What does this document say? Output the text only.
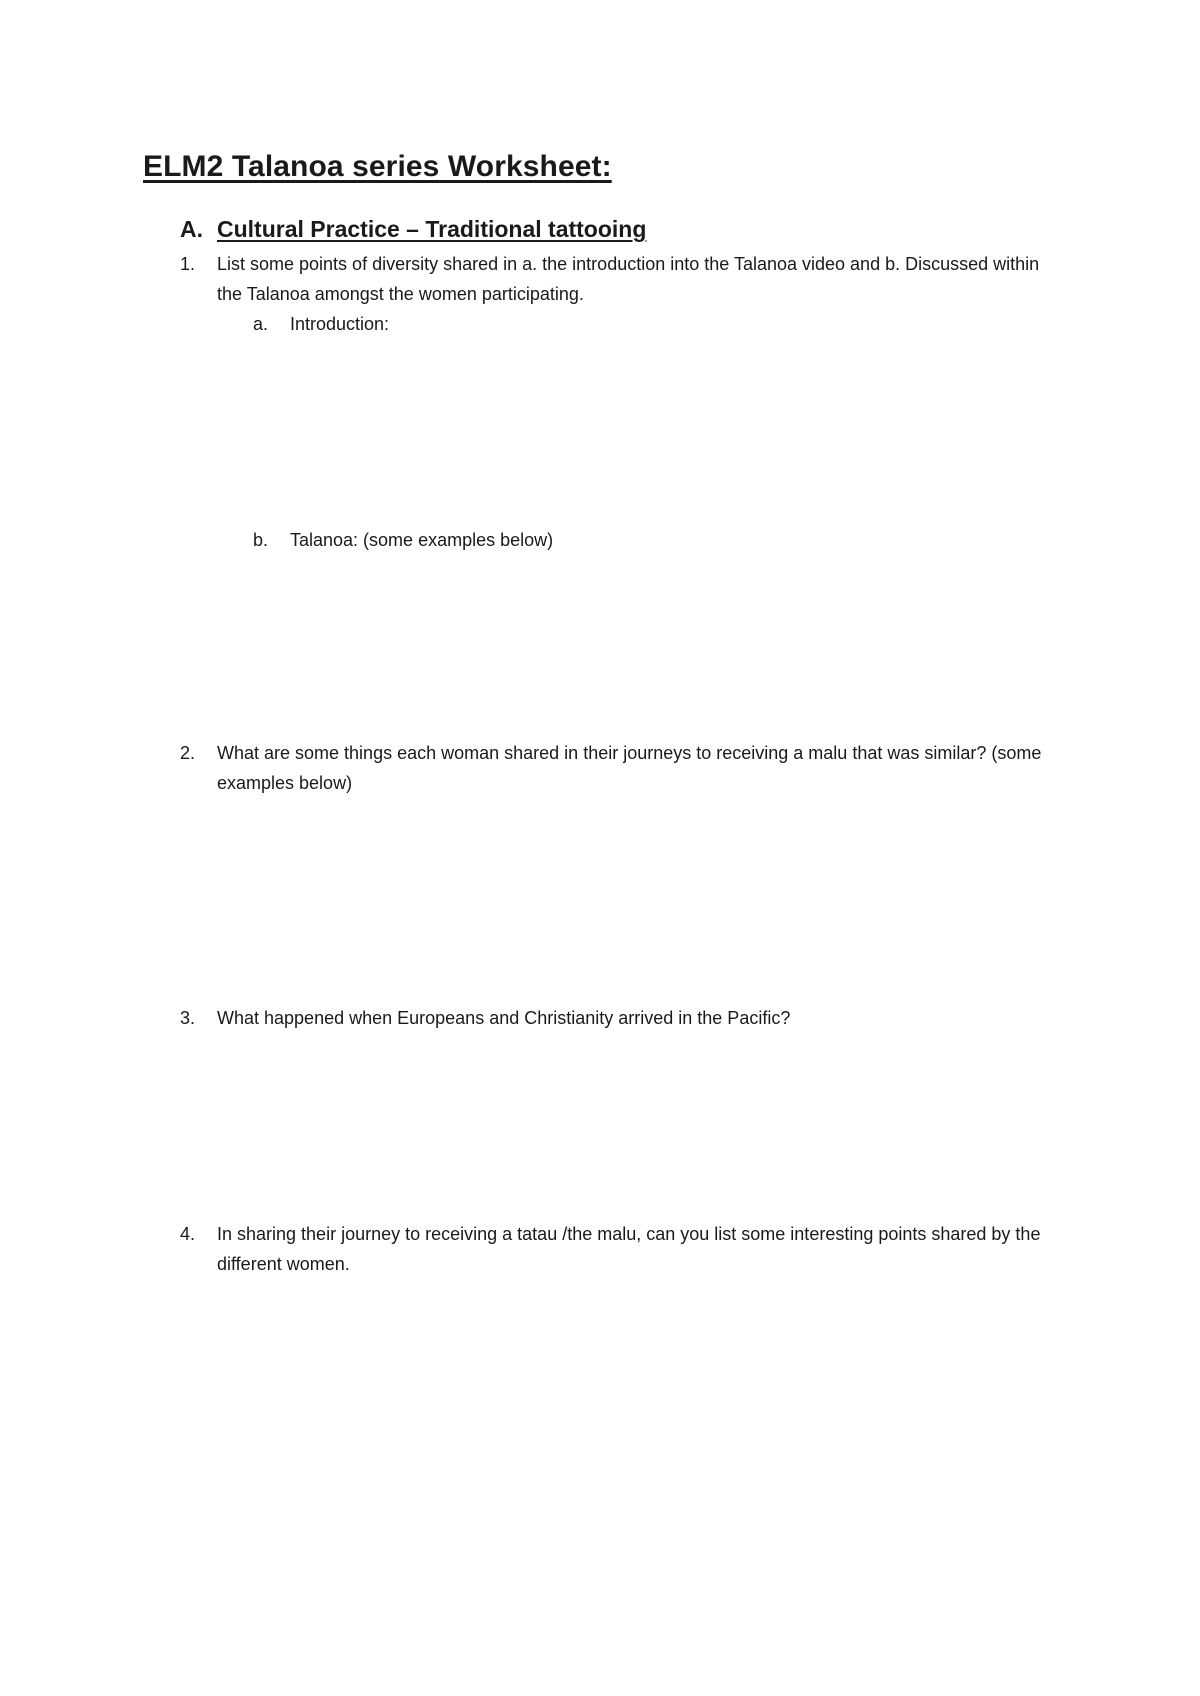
ELM2 Talanoa series Worksheet:
A. Cultural Practice – Traditional tattooing

1. List some points of diversity shared in a. the introduction into the Talanoa video and b. Discussed within the Talanoa amongst the women participating.

a. Introduction:

b. Talanoa: (some examples below)

2. What are some things each woman shared in their journeys to receiving a malu that was similar? (some examples below)

3. What happened when Europeans and Christianity arrived in the Pacific?

4. In sharing their journey to receiving a tatau /the malu, can you list some interesting points shared by the different women.
